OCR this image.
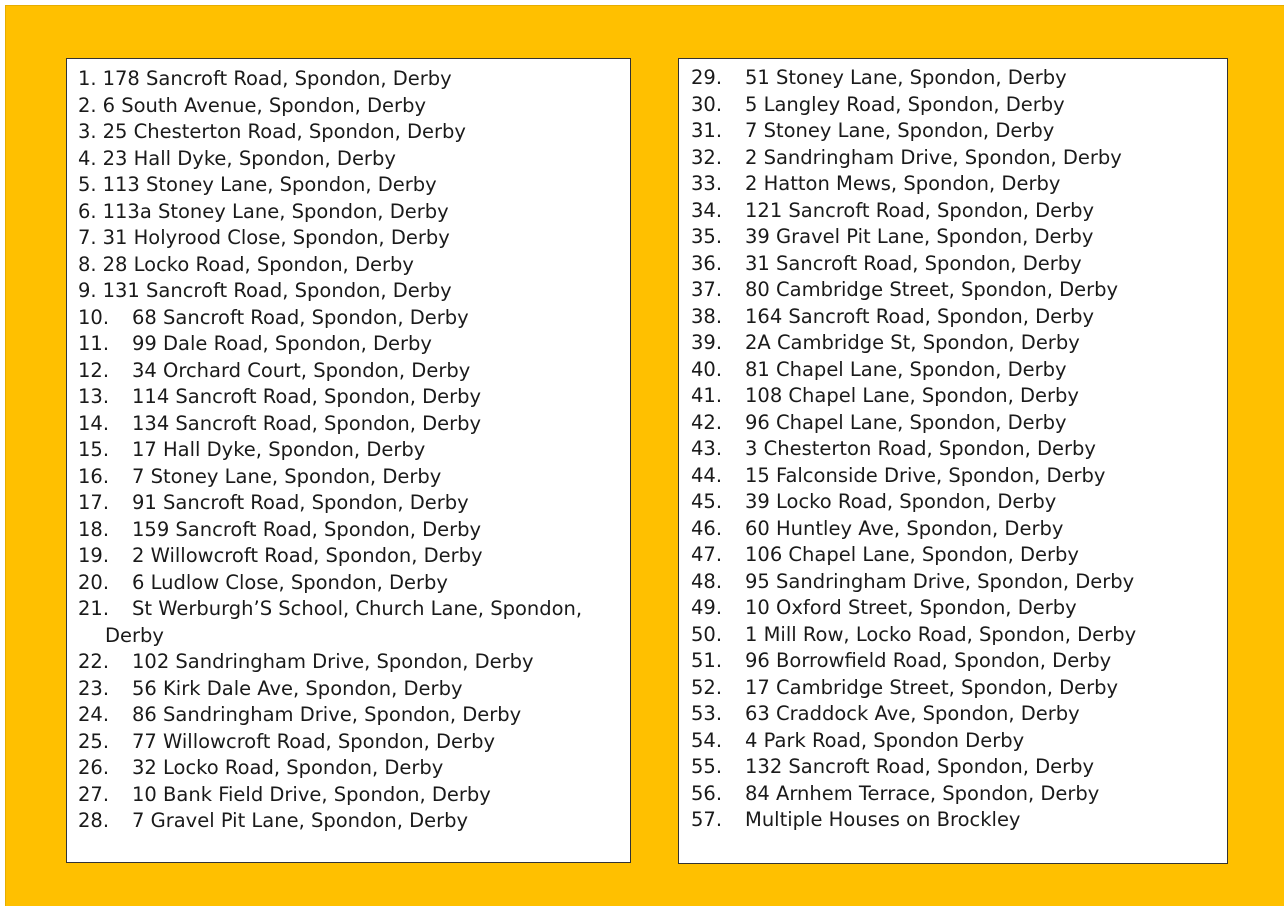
1. 178 Sancroft Road, Spondon, Derby
2. 6 South Avenue, Spondon, Derby
3. 25 Chesterton Road, Spondon, Derby
4. 23 Hall Dyke, Spondon, Derby
5. 113 Stoney Lane, Spondon, Derby
6. 113a Stoney Lane, Spondon, Derby
7. 31 Holyrood Close, Spondon, Derby
8. 28 Locko Road, Spondon, Derby
9. 131 Sancroft Road, Spondon, Derby
10. 68 Sancroft Road, Spondon, Derby
11. 99 Dale Road, Spondon, Derby
12. 34 Orchard Court, Spondon, Derby
13. 114 Sancroft Road, Spondon, Derby
14. 134 Sancroft Road, Spondon, Derby
15. 17 Hall Dyke, Spondon, Derby
16. 7 Stoney Lane, Spondon, Derby
17. 91 Sancroft Road, Spondon, Derby
18. 159 Sancroft Road, Spondon, Derby
19. 2 Willowcroft Road, Spondon, Derby
20. 6 Ludlow Close, Spondon, Derby
21. St Werburgh’S School, Church Lane, Spondon,
Derby
22. 102 Sandringham Drive, Spondon, Derby
23. 56 Kirk Dale Ave, Spondon, Derby
24. 86 Sandringham Drive, Spondon, Derby
25. 77 Willowcroft Road, Spondon, Derby
26. 32 Locko Road, Spondon, Derby
27. 10 Bank Field Drive, Spondon, Derby
28. 7 Gravel Pit Lane, Spondon, Derby
29. 51 Stoney Lane, Spondon, Derby
30. 5 Langley Road, Spondon, Derby
31. 7 Stoney Lane, Spondon, Derby
32. 2 Sandringham Drive, Spondon, Derby
33. 2 Hatton Mews, Spondon, Derby
34. 121 Sancroft Road, Spondon, Derby
35. 39 Gravel Pit Lane, Spondon, Derby
36. 31 Sancroft Road, Spondon, Derby
37. 80 Cambridge Street, Spondon, Derby
38. 164 Sancroft Road, Spondon, Derby
39. 2A Cambridge St, Spondon, Derby
40. 81 Chapel Lane, Spondon, Derby
41. 108 Chapel Lane, Spondon, Derby
42. 96 Chapel Lane, Spondon, Derby
43. 3 Chesterton Road, Spondon, Derby
44. 15 Falconside Drive, Spondon, Derby
45. 39 Locko Road, Spondon, Derby
46. 60 Huntley Ave, Spondon, Derby
47. 106 Chapel Lane, Spondon, Derby
48. 95 Sandringham Drive, Spondon, Derby
49. 10 Oxford Street, Spondon, Derby
50. 1 Mill Row, Locko Road, Spondon, Derby
51. 96 Borrowfield Road, Spondon, Derby
52. 17 Cambridge Street, Spondon, Derby
53. 63 Craddock Ave, Spondon, Derby
54. 4 Park Road, Spondon Derby
55. 132 Sancroft Road, Spondon, Derby
56. 84 Arnhem Terrace, Spondon, Derby
57. Multiple Houses on Brockley
